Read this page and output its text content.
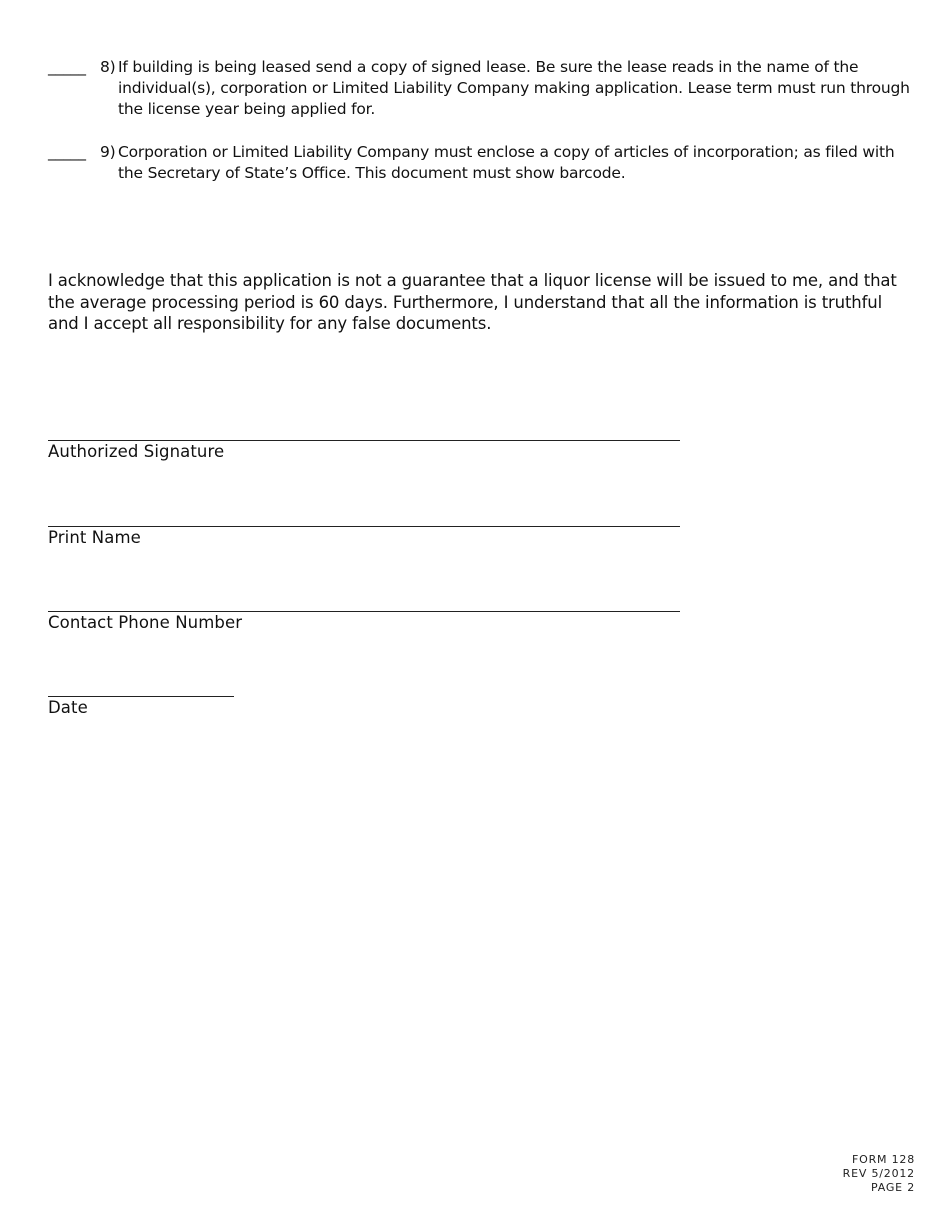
_____ 8) If building is being leased send a copy of signed lease. Be sure the lease reads in the name of the individual(s), corporation or Limited Liability Company making application. Lease term must run through the license year being applied for.
_____ 9) Corporation or Limited Liability Company must enclose a copy of articles of incorporation; as filed with the Secretary of State’s Office. This document must show barcode.
I acknowledge that this application is not a guarantee that a liquor license will be issued to me, and that the average processing period is 60 days. Furthermore, I understand that all the information is truthful and I accept all responsibility for any false documents.
Authorized Signature
Print Name
Contact Phone Number
Date
FORM 128
REV 5/2012
PAGE 2
